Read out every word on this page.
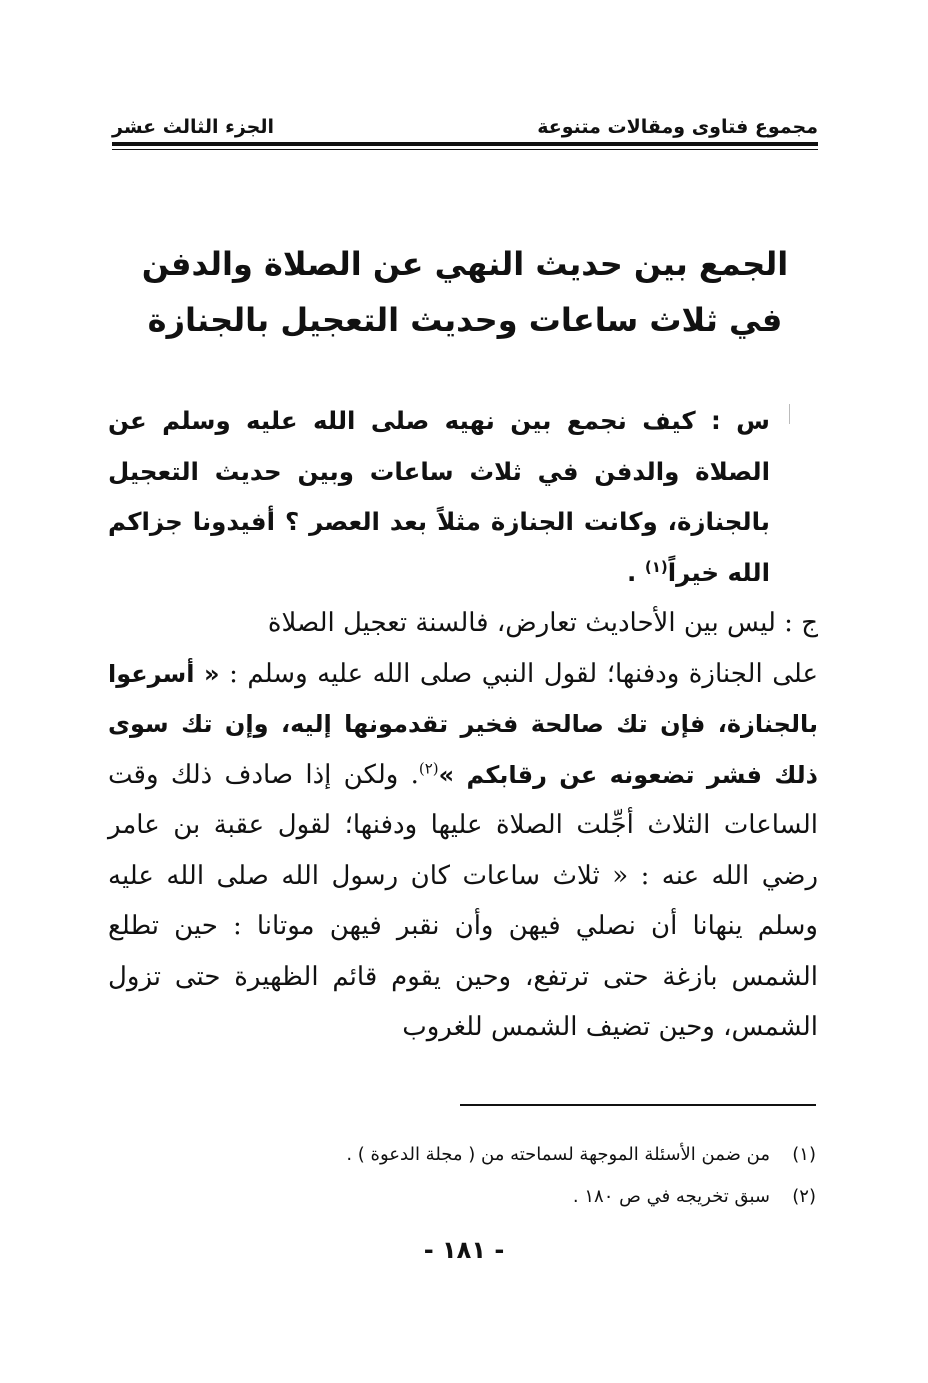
مجموع فتاوى ومقالات متنوعة
الجزء الثالث عشر
الجمع بين حديث النهي عن الصلاة والدفن
في ثلاث ساعات وحديث التعجيل بالجنازة

س : كيف نجمع بين نهيه صلى الله عليه وسلم عن الصلاة والدفن في ثلاث ساعات وبين حديث التعجيل بالجنازة، وكانت الجنازة مثلاً بعد العصر ؟ أفيدونا جزاكم الله خيراً$^{(١)}$ .

ج : ليس بين الأحاديث تعارض، فالسنة تعجيل الصلاةعلى الجنازة ودفنها؛ لقول النبي صلى الله عليه وسلم : « أسرعوا بالجنازة، فإن تك صالحة فخير تقدمونها إليه، وإن تك سوى ذلك فشر تضعونه عن رقابكم »$^{(٢)}$. ولكن إذا صادف ذلك وقت الساعات الثلاث أجِّلت الصلاة عليها ودفنها؛ لقول عقبة بن عامر رضي الله عنه : « ثلاث ساعات كان رسول الله صلى الله عليه وسلم ينهانا أن نصلي فيهن وأن نقبر فيهن موتانا : حين تطلع الشمس بازغة حتى ترتفع، وحين يقوم قائم الظهيرة حتى تزول الشمس، وحين تضيف الشمس للغروب

(١)
من ضمن الأسئلة الموجهة لسماحته من ( مجلة الدعوة ) .
(٢)
سبق تخريجه في ص ١٨٠ .
- ١٨١ -
